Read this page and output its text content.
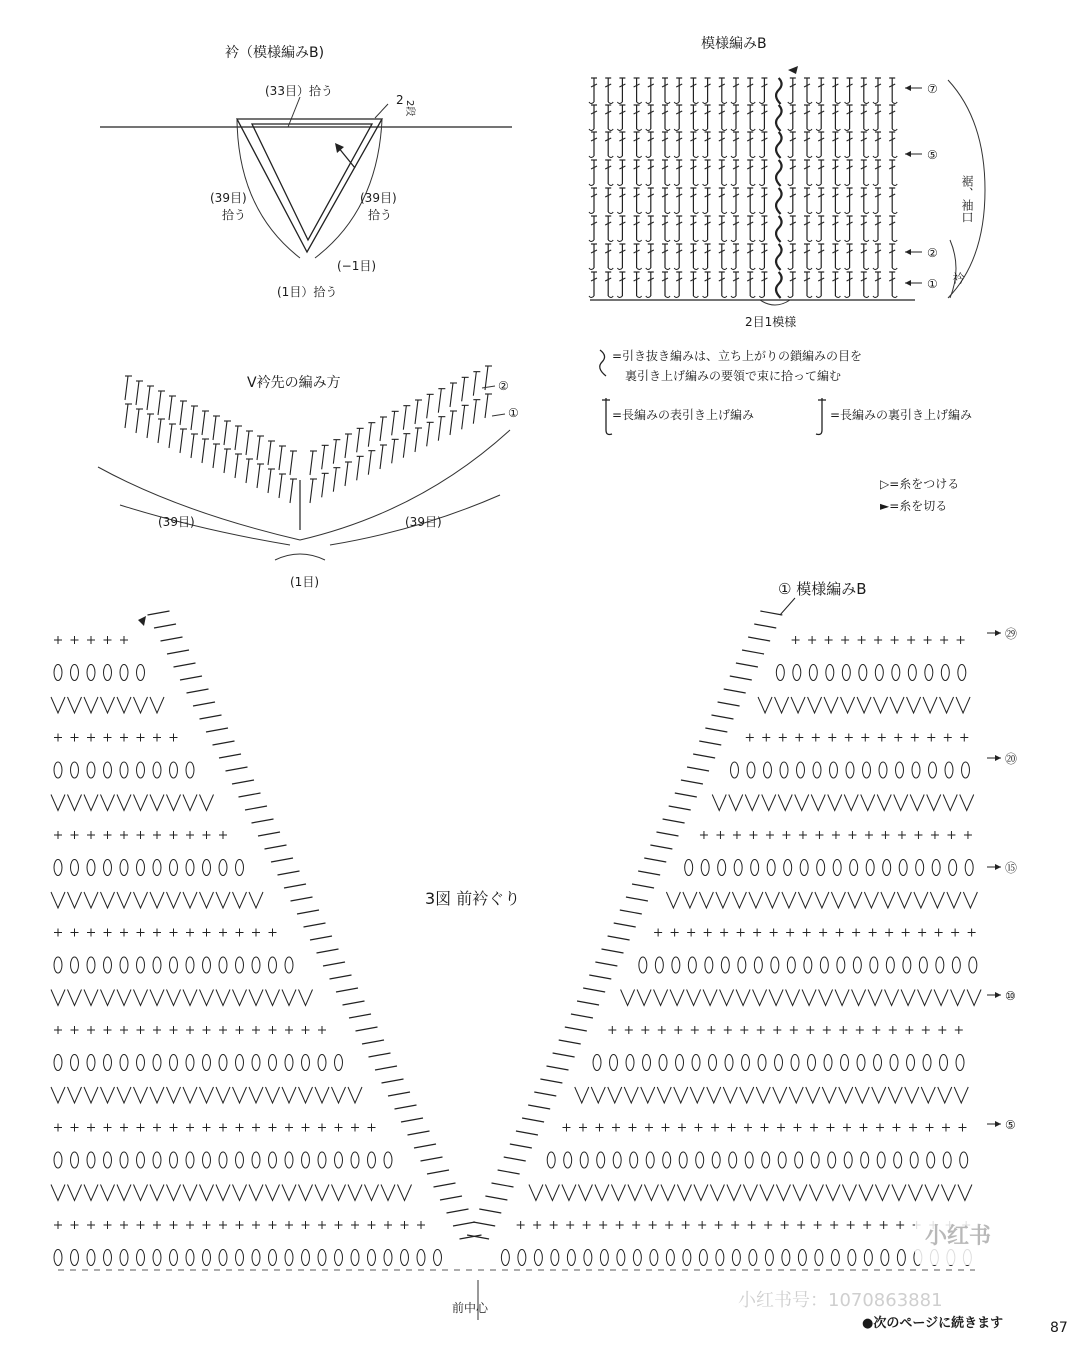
衿（模様編みB)
(33目）拾う
2 2段
(39目)
拾う
(39目)
拾う
(−1目)
(1目）拾う
模様編みB
⑦
⑤
②
①
裾、袖口
衿
2目1模様
=引き抜き編みは、立ち上がりの鎖編みの目を
裏引き上げ編みの要領で束に拾って編む
=長編みの表引き上げ編み	=長編みの裏引き上げ編み
▷=糸をつける
►=糸を切る
V衿先の編み方
(39目)	(39目)
(1目)
②
①
① 模様編みB
3図 前衿ぐり
㉙
⑳
⑮
⑩
⑤
前中心
●次のページに続きます	87
小红书
小红书号：1070863881
